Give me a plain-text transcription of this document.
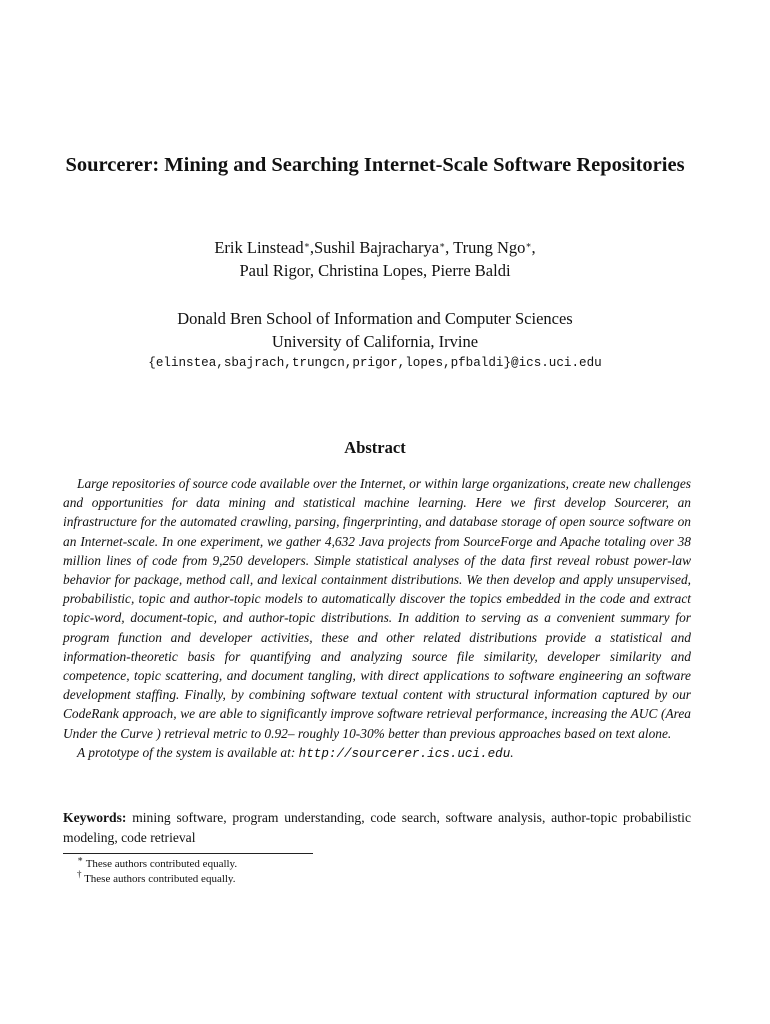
Sourcerer: Mining and Searching Internet-Scale Software Repositories
Erik Linstead∗,Sushil Bajracharya∗, Trung Ngo∗,
Paul Rigor, Christina Lopes, Pierre Baldi
Donald Bren School of Information and Computer Sciences
University of California, Irvine
{elinstea,sbajrach,trungcn,prigor,lopes,pfbaldi}@ics.uci.edu
Abstract

Large repositories of source code available over the Internet, or within large organizations, create new challenges and opportunities for data mining and statistical machine learning. Here we first develop Sourcerer, an infrastructure for the automated crawling, parsing, fingerprinting, and database storage of open source software on an Internet-scale. In one experiment, we gather 4,632 Java projects from SourceForge and Apache totaling over 38 million lines of code from 9,250 developers. Simple statistical analyses of the data first reveal robust power-law behavior for package, method call, and lexical containment distributions. We then develop and apply unsupervised, probabilistic, topic and author-topic models to automatically discover the topics embedded in the code and extract topic-word, document-topic, and author-topic distributions. In addition to serving as a convenient summary for program function and developer activities, these and other related distributions provide a statistical and information-theoretic basis for quantifying and analyzing source file similarity, developer similarity and competence, topic scattering, and document tangling, with direct applications to software engineering an software development staffing. Finally, by combining software textual content with structural information captured by our CodeRank approach, we are able to significantly improve software retrieval performance, increasing the AUC (Area Under the Curve ) retrieval metric to 0.92– roughly 10-30% better than previous approaches based on text alone.

A prototype of the system is available at: http://sourcerer.ics.uci.edu.

Keywords: mining software, program understanding, code search, software analysis, author-topic probabilistic modeling, code retrieval
∗ These authors contributed equally.
† These authors contributed equally.
